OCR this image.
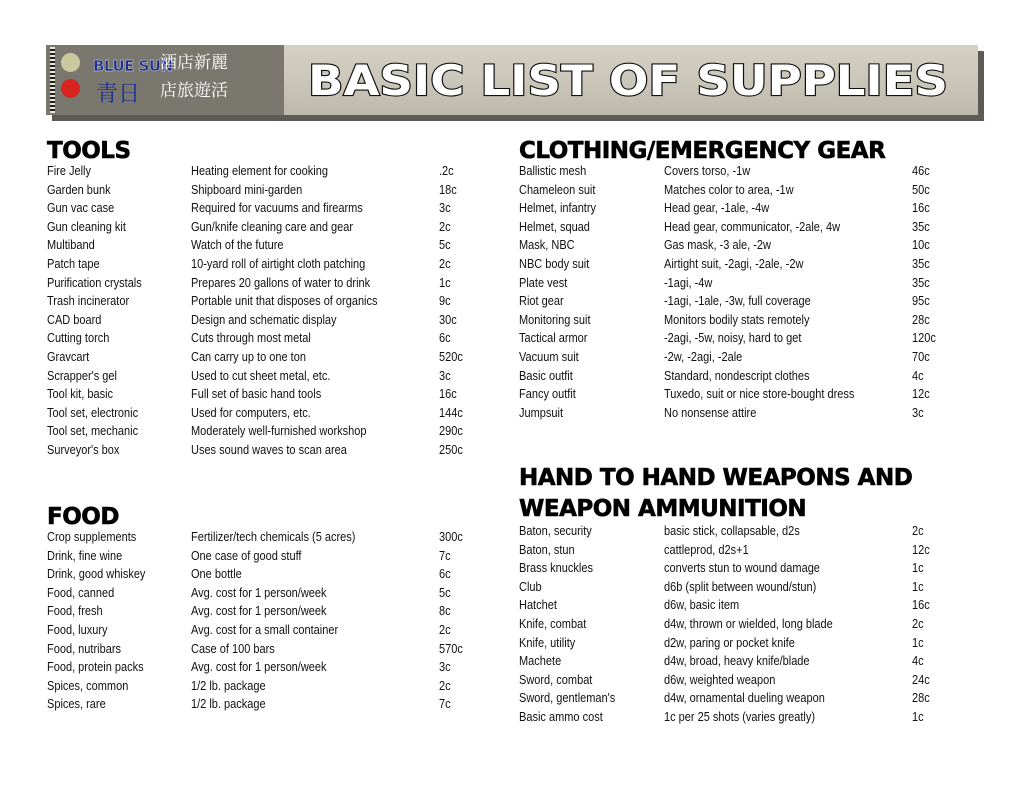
BLUE SUN
青日
酒店新麗
店旅遊活 BASIC LIST OF SUPPLIES
TOOLS
Fire Jelly	Heating element for cooking	.2c
Garden bunk	Shipboard mini-garden	18c
Gun vac case	Required for vacuums and firearms	3c
Gun cleaning kit	Gun/knife cleaning care and gear	2c
Multiband	Watch of the future	5c
Patch tape	10-yard roll of airtight cloth patching	2c
Purification crystals	Prepares 20 gallons of water to drink	1c
Trash incinerator	Portable unit that disposes of organics	9c
CAD board	Design and schematic display	30c
Cutting torch	Cuts through most metal	6c
Gravcart	Can carry up to one ton	520c
Scrapper's gel	Used to cut sheet metal, etc.	3c
Tool kit, basic	Full set of basic hand tools	16c
Tool set, electronic	Used for computers, etc.	144c
Tool set, mechanic	Moderately well-furnished workshop	290c
Surveyor's box	Uses sound waves to scan area	250c
FOOD
Crop supplements	Fertilizer/tech chemicals (5 acres)	300c
Drink, fine wine	One case of good stuff	7c
Drink, good whiskey	One bottle	6c
Food, canned	Avg. cost for 1 person/week	5c
Food, fresh	Avg. cost for 1 person/week	8c
Food, luxury	Avg. cost for a small container	2c
Food, nutribars	Case of 100 bars	570c
Food, protein packs	Avg. cost for 1 person/week	3c
Spices, common	1/2 lb. package	2c
Spices, rare	1/2 lb. package	7c
CLOTHING/EMERGENCY GEAR
Ballistic mesh	Covers torso, -1w	46c
Chameleon suit	Matches color to area, -1w	50c
Helmet, infantry	Head gear, -1ale, -4w	16c
Helmet, squad	Head gear, communicator, -2ale, 4w	35c
Mask, NBC	Gas mask, -3 ale, -2w	10c
NBC body suit	Airtight suit, -2agi, -2ale, -2w	35c
Plate vest	-1agi, -4w	35c
Riot gear	-1agi, -1ale, -3w, full coverage	95c
Monitoring suit	Monitors bodily stats remotely	28c
Tactical armor	-2agi, -5w, noisy, hard to get	120c
Vacuum suit	-2w, -2agi, -2ale	70c
Basic outfit	Standard, nondescript clothes	4c
Fancy outfit	Tuxedo, suit or nice store-bought dress	12c
Jumpsuit	No nonsense attire	3c
HAND TO HAND WEAPONS AND
WEAPON AMMUNITION
Baton, security	basic stick, collapsable, d2s	2c
Baton, stun	cattleprod, d2s+1	12c
Brass knuckles	converts stun to wound damage	1c
Club	d6b (split between wound/stun)	1c
Hatchet	d6w, basic item	16c
Knife, combat	d4w, thrown or wielded, long blade	2c
Knife, utility	d2w, paring or pocket knife	1c
Machete	d4w, broad, heavy knife/blade	4c
Sword, combat	d6w, weighted weapon	24c
Sword, gentleman's	d4w, ornamental dueling weapon	28c
Basic ammo cost	1c per 25 shots (varies greatly)	1c
